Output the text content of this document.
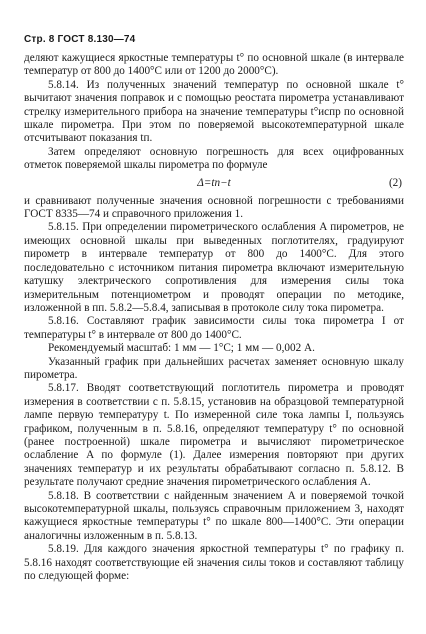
Стр. 8 ГОСТ 8.130—74

деляют кажущиеся яркостные температуры t° по основной шкале (в интервале температур от 800 до 1400°С или от 1200 до 2000°С).

5.8.14. Из полученных значений температур по основной шкале t° вычитают значения поправок и с помощью реостата пирометра устанавливают стрелку измерительного прибора на значение температуры t°испр по основной шкале пирометра. При этом по поверяемой высокотемпературной шкале отсчитывают показания tп.

Затем определяют основную погрешность для всех оцифрованных отметок поверяемой шкалы пирометра по формуле

Δ=tп−t	(2)

и сравнивают полученные значения основной погрешности с требованиями ГОСТ 8335—74 и справочного приложения 1.

5.8.15. При определении пирометрического ослабления A пирометров, не имеющих основной шкалы при выведенных поглотителях, градуируют пирометр в интервале температур от 800 до 1400°С. Для этого последовательно с источником питания пирометра включают измерительную катушку электрического сопротивления для измерения силы тока измерительным потенциометром и проводят операции по методике, изложенной в пп. 5.8.2—5.8.4, записывая в протоколе силу тока пирометра.

5.8.16. Составляют график зависимости силы тока пирометра I от температуры t° в интервале от 800 до 1400°С.

Рекомендуемый масштаб: 1 мм — 1°С; 1 мм — 0,002 А.

Указанный график при дальнейших расчетах заменяет основную шкалу пирометра.

5.8.17. Вводят соответствующий поглотитель пирометра и проводят измерения в соответствии с п. 5.8.15, установив на образцовой температурной лампе первую температуру t. По измеренной силе тока лампы I, пользуясь графиком, полученным в п. 5.8.16, определяют температуру t° по основной (ранее построенной) шкале пирометра и вычисляют пирометрическое ослабление A по формуле (1). Далее измерения повторяют при других значениях температур и их результаты обрабатывают согласно п. 5.8.12. В результате получают средние значения пирометрического ослабления A.

5.8.18. В соответствии с найденным значением A и поверяемой точкой высокотемпературной шкалы, пользуясь справочным приложением 3, находят кажущиеся яркостные температуры t° по шкале 800—1400°С. Эти операции аналогичны изложенным в п. 5.8.13.

5.8.19. Для каждого значения яркостной температуры t° по графику п. 5.8.16 находят соответствующие ей значения силы токов и составляют таблицу по следующей форме:
